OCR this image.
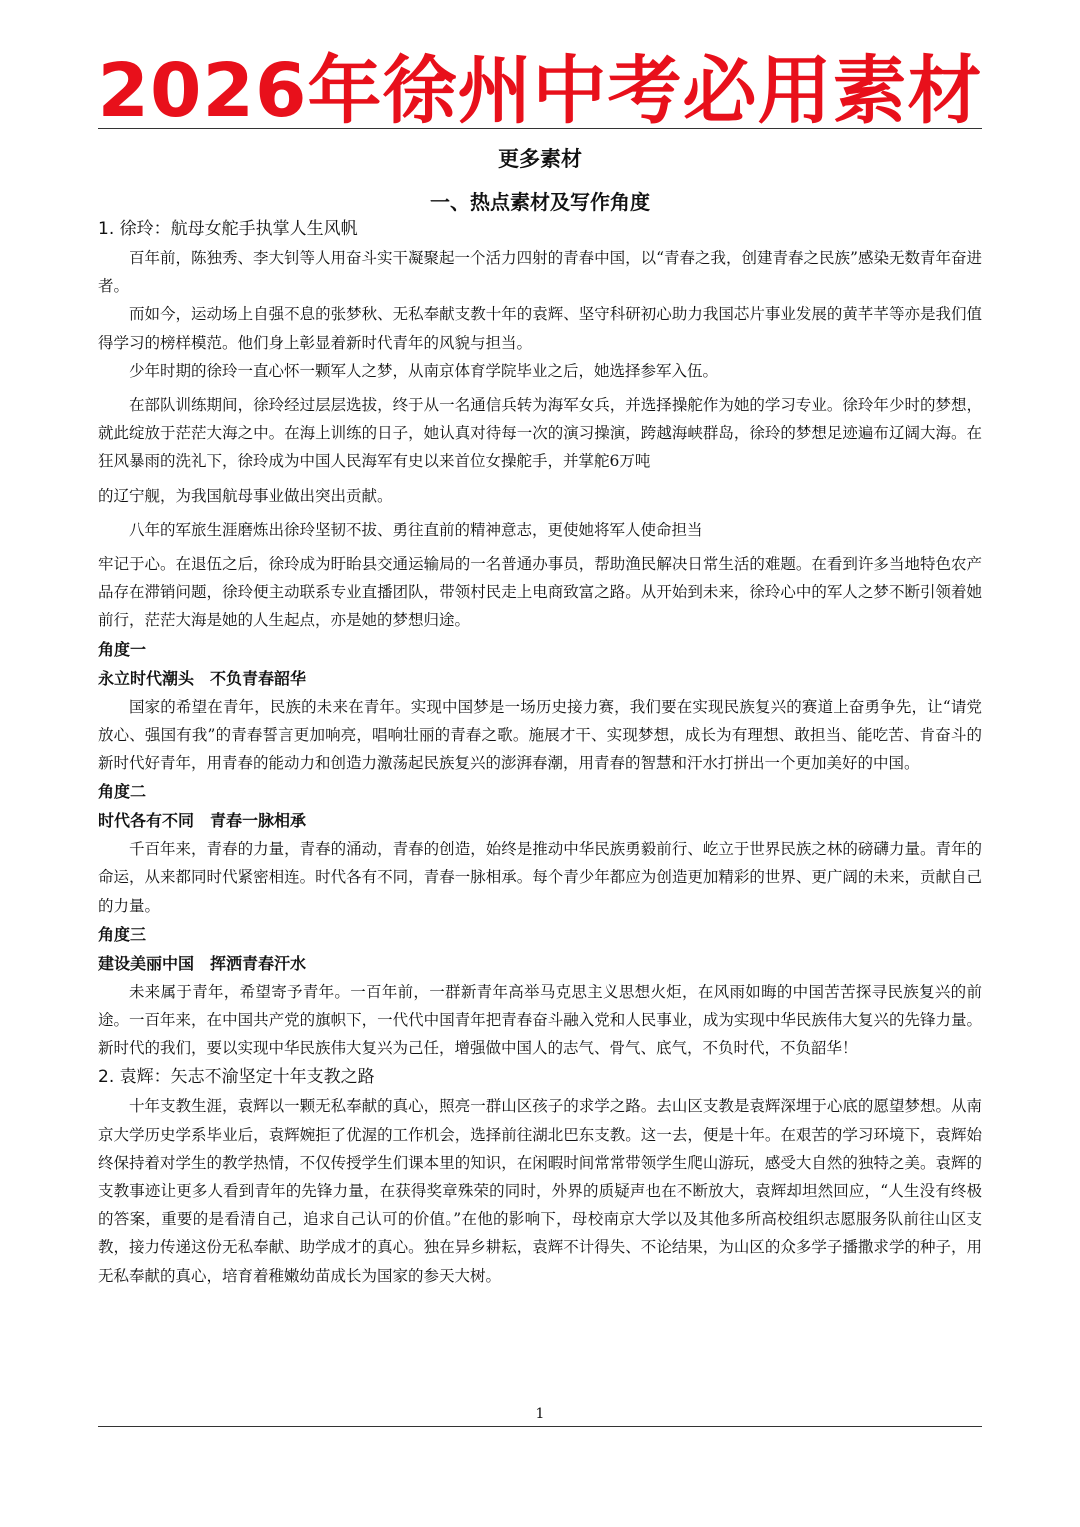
2026年徐州中考必用素材
更多素材
一、热点素材及写作角度
1. 徐玲：航母女舵手执掌人生风帆

百年前，陈独秀、李大钊等人用奋斗实干凝聚起一个活力四射的青春中国，以“青春之我，创建青春之民族”感染无数青年奋进者。

而如今，运动场上自强不息的张梦秋、无私奉献支教十年的袁辉、坚守科研初心助力我国芯片事业发展的黄芊芊等亦是我们值得学习的榜样模范。他们身上彰显着新时代青年的风貌与担当。

少年时期的徐玲一直心怀一颗军人之梦，从南京体育学院毕业之后，她选择参军入伍。

在部队训练期间，徐玲经过层层选拔，终于从一名通信兵转为海军女兵，并选择操舵作为她的学习专业。徐玲年少时的梦想，就此绽放于茫茫大海之中。在海上训练的日子，她认真对待每一次的演习操演，跨越海峡群岛，徐玲的梦想足迹遍布辽阔大海。在狂风暴雨的洗礼下，徐玲成为中国人民海军有史以来首位女操舵手，并掌舵6万吨

的辽宁舰，为我国航母事业做出突出贡献。

八年的军旅生涯磨炼出徐玲坚韧不拔、勇往直前的精神意志，更使她将军人使命担当

牢记于心。在退伍之后，徐玲成为盱眙县交通运输局的一名普通办事员，帮助渔民解决日常生活的难题。在看到许多当地特色农产品存在滞销问题，徐玲便主动联系专业直播团队，带领村民走上电商致富之路。从开始到未来，徐玲心中的军人之梦不断引领着她前行，茫茫大海是她的人生起点，亦是她的梦想归途。

角度一
永立时代潮头　不负青春韶华

国家的希望在青年，民族的未来在青年。实现中国梦是一场历史接力赛，我们要在实现民族复兴的赛道上奋勇争先，让“请党放心、强国有我”的青春誓言更加响亮，唱响壮丽的青春之歌。施展才干、实现梦想，成长为有理想、敢担当、能吃苦、肯奋斗的新时代好青年，用青春的能动力和创造力激荡起民族复兴的澎湃春潮，用青春的智慧和汗水打拼出一个更加美好的中国。

角度二
时代各有不同　青春一脉相承

千百年来，青春的力量，青春的涌动，青春的创造，始终是推动中华民族勇毅前行、屹立于世界民族之林的磅礴力量。青年的命运，从来都同时代紧密相连。时代各有不同，青春一脉相承。每个青少年都应为创造更加精彩的世界、更广阔的未来，贡献自己的力量。

角度三
建设美丽中国　挥洒青春汗水

未来属于青年，希望寄予青年。一百年前，一群新青年高举马克思主义思想火炬，在风雨如晦的中国苦苦探寻民族复兴的前途。一百年来，在中国共产党的旗帜下，一代代中国青年把青春奋斗融入党和人民事业，成为实现中华民族伟大复兴的先锋力量。新时代的我们，要以实现中华民族伟大复兴为己任，增强做中国人的志气、骨气、底气，不负时代，不负韶华！

2. 袁辉：矢志不渝坚定十年支教之路

十年支教生涯，袁辉以一颗无私奉献的真心，照亮一群山区孩子的求学之路。去山区支教是袁辉深埋于心底的愿望梦想。从南京大学历史学系毕业后，袁辉婉拒了优渥的工作机会，选择前往湖北巴东支教。这一去，便是十年。在艰苦的学习环境下，袁辉始终保持着对学生的教学热情，不仅传授学生们课本里的知识，在闲暇时间常常带领学生爬山游玩，感受大自然的独特之美。袁辉的支教事迹让更多人看到青年的先锋力量，在获得奖章殊荣的同时，外界的质疑声也在不断放大，袁辉却坦然回应，“人生没有终极的答案，重要的是看清自己，追求自己认可的价值。”在他的影响下，母校南京大学以及其他多所高校组织志愿服务队前往山区支教，接力传递这份无私奉献、助学成才的真心。独在异乡耕耘，袁辉不计得失、不论结果，为山区的众多学子播撒求学的种子，用无私奉献的真心，培育着稚嫩幼苗成长为国家的参天大树。

1
